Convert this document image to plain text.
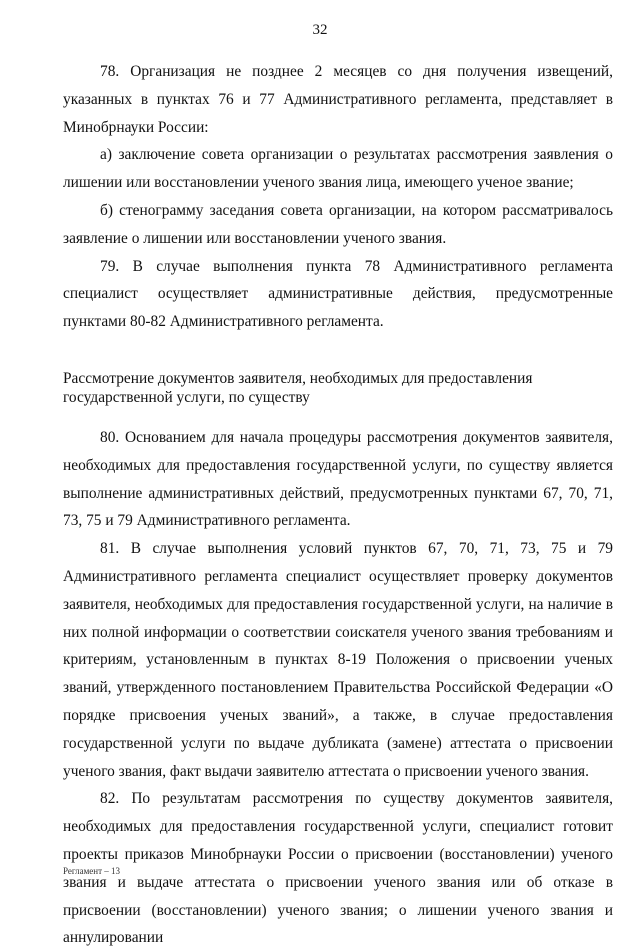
32

78. Организация не позднее 2 месяцев со дня получения извещений, указанных в пунктах 76 и 77 Административного регламента, представляет в Минобрнауки России:

а) заключение совета организации о результатах рассмотрения заявления о лишении или восстановлении ученого звания лица, имеющего ученое звание;

б) стенограмму заседания совета организации, на котором рассматривалось заявление о лишении или восстановлении ученого звания.

79. В случае выполнения пункта 78 Административного регламента специалист осуществляет административные действия, предусмотренные пунктами 80-82 Административного регламента.

Рассмотрение документов заявителя, необходимых для предоставления
государственной услуги, по существу

80. Основанием для начала процедуры рассмотрения документов заявителя, необходимых для предоставления государственной услуги, по существу является выполнение административных действий, предусмотренных пунктами 67, 70, 71, 73, 75 и 79 Административного регламента.

81. В случае выполнения условий пунктов 67, 70, 71, 73, 75 и 79 Административного регламента специалист осуществляет проверку документов заявителя, необходимых для предоставления государственной услуги, на наличие в них полной информации о соответствии соискателя ученого звания требованиям и критериям, установленным в пунктах 8-19 Положения о присвоении ученых званий, утвержденного постановлением Правительства Российской Федерации «О порядке присвоения ученых званий», а также, в случае предоставления государственной услуги по выдаче дубликата (замене) аттестата о присвоении ученого звания, факт выдачи заявителю аттестата о присвоении ученого звания.

82. По результатам рассмотрения по существу документов заявителя, необходимых для предоставления государственной услуги, специалист готовит проекты приказов Минобрнауки России о присвоении (восстановлении) ученого звания и выдаче аттестата о присвоении ученого звания или об отказе в присвоении (восстановлении) ученого звания; о лишении ученого звания и аннулировании

Регламент – 13
